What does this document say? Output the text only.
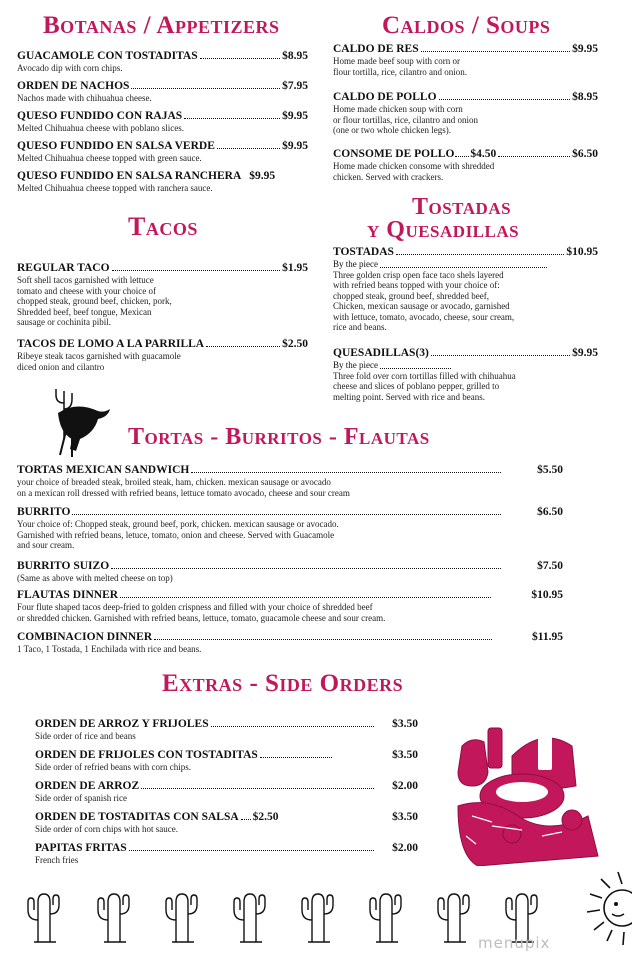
Botanas / Appetizers
GUACAMOLE CON TOSTADITAS	$8.95
Avocado dip with corn chips.
ORDEN DE NACHOS	$7.95
Nachos made with chihuahua cheese.
QUESO FUNDIDO CON RAJAS	$9.95
Melted Chihuahua cheese with poblano slices.
QUESO FUNDIDO EN SALSA VERDE	$9.95
Melted Chihuahua cheese topped with green sauce.
QUESO FUNDIDO EN SALSA RANCHERA $9.95
Melted Chihuahua cheese topped with ranchera sauce.
Caldos / Soups
CALDO DE RES	$9.95
Home made beef soup with corn or
flour tortilla, rice, cilantro and onion.
CALDO DE POLLO	$8.95
Home made chicken soup with corn
or flour tortillas, rice, cilantro and onion
(one or two whole chicken legs).
CONSOME DE POLLO $4.50	$6.50
Home made chicken consome with shredded
chicken. Served with crackers.
Tacos
REGULAR TACO	$1.95
Soft shell tacos garnished with lettuce
tomato and cheese with your choice of
chopped steak, ground beef, chicken, pork,
Shredded beef, beef tongue, Mexican
sausage or cochinita pibil.
TACOS DE LOMO A LA PARRILLA	$2.50
Ribeye steak tacos garnished with guacamole
diced onion and cilantro
Tostadas
y Quesadillas
TOSTADAS	$10.95
By the piece
Three golden crisp open face taco shels layered
with refried beans topped with your choice of:
chopped steak, ground beef, shredded beef,
Chicken, mexican sausage or avocado, garnished
with lettuce, tomato, avocado, cheese, sour cream,
rice and beans.
QUESADILLAS(3)	$9.95
By the piece
Three fold over corn tortillas filled with chihuahua
cheese and slices of poblano pepper, grilled to
melting point. Served with rice and beans.
Tortas - Burritos - Flautas
TORTAS MEXICAN SANDWICH	$5.50
your choice of breaded steak, broiled steak, ham, chicken. mexican sausage or avocado
on a mexican roll dressed with refried beans, lettuce tomato avocado, cheese and sour cream
BURRITO	$6.50
Your choice of: Chopped steak, ground beef, pork, chicken. mexican sausage or avocado.
Garnished with refried beans, letuce, tomato, onion and cheese. Served with Guacamole
and sour cream.
BURRITO SUIZO	$7.50
(Same as above with melted cheese on top)
FLAUTAS DINNER	$10.95
Four flute shaped tacos deep-fried to golden crispness and filled with your choice of shredded beef
or shredded chicken. Garnished with refried beans, lettuce, tomato, guacamole cheese and sour cream.
COMBINACION DINNER	$11.95
1 Taco, 1 Tostada, 1 Enchilada with rice and beans.
Extras - Side Orders
ORDEN DE ARROZ Y FRIJOLES	$3.50
Side order of rice and beans
ORDEN DE FRIJOLES CON TOSTADITAS	$3.50
Side order of refried beans with corn chips.
ORDEN DE ARROZ	$2.00
Side order of spanish rice
ORDEN DE TOSTADITAS CON SALSA $2.50	$3.50
Side order of corn chips with hot sauce.
PAPITAS FRITAS	$2.00
French fries
menupix
